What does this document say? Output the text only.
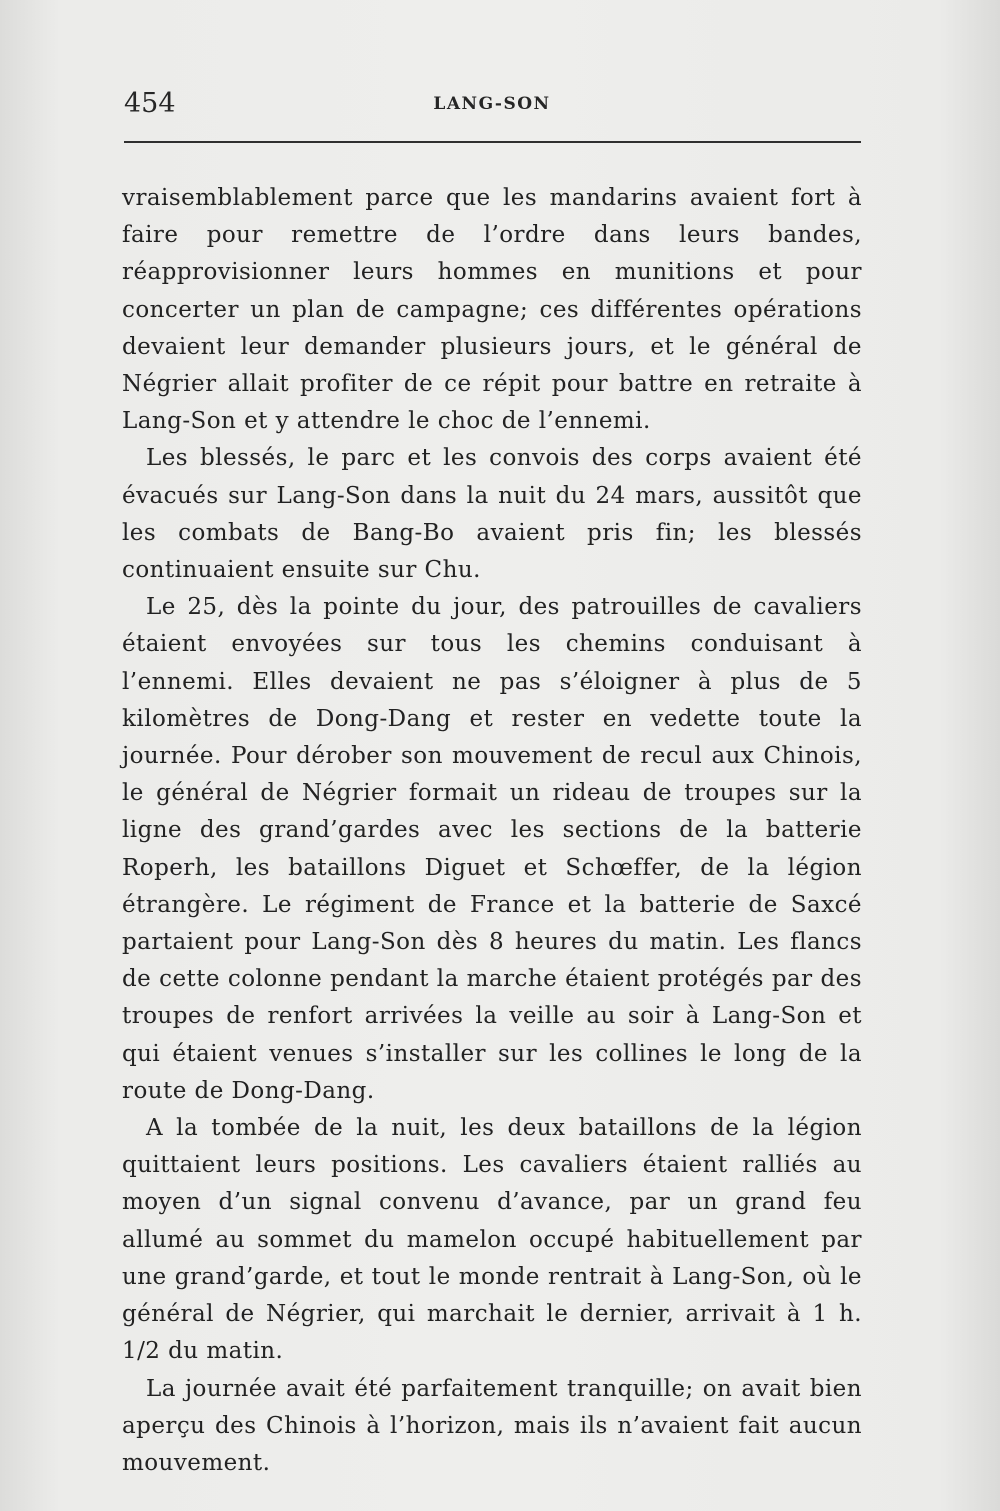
454	LANG-SON

vraisemblablement parce que les mandarins avaient fort à faire pour remettre de l’ordre dans leurs bandes, réapprovisionner leurs hommes en munitions et pour concerter un plan de campagne; ces différentes opérations devaient leur demander plusieurs jours, et le général de Négrier allait profiter de ce répit pour battre en retraite à Lang-Son et y attendre le choc de l’ennemi.

Les blessés, le parc et les convois des corps avaient été évacués sur Lang-Son dans la nuit du 24 mars, aussitôt que les combats de Bang-Bo avaient pris fin; les blessés continuaient ensuite sur Chu.

Le 25, dès la pointe du jour, des patrouilles de cavaliers étaient envoyées sur tous les chemins conduisant à l’ennemi. Elles devaient ne pas s’éloigner à plus de 5 kilomètres de Dong-Dang et rester en vedette toute la journée. Pour dérober son mouvement de recul aux Chinois, le général de Négrier formait un rideau de troupes sur la ligne des grand’gardes avec les sections de la batterie Roperh, les bataillons Diguet et Schœffer, de la légion étrangère. Le régiment de France et la batterie de Saxcé partaient pour Lang-Son dès 8 heures du matin. Les flancs de cette colonne pendant la marche étaient protégés par des troupes de renfort arrivées la veille au soir à Lang-Son et qui étaient venues s’installer sur les collines le long de la route de Dong-Dang.

A la tombée de la nuit, les deux bataillons de la légion quittaient leurs positions. Les cavaliers étaient ralliés au moyen d’un signal convenu d’avance, par un grand feu allumé au sommet du mamelon occupé habituellement par une grand’garde, et tout le monde rentrait à Lang-Son, où le général de Négrier, qui marchait le dernier, arrivait à 1 h. 1/2 du matin.

La journée avait été parfaitement tranquille; on avait bien aperçu des Chinois à l’horizon, mais ils n’avaient fait aucun mouvement.
